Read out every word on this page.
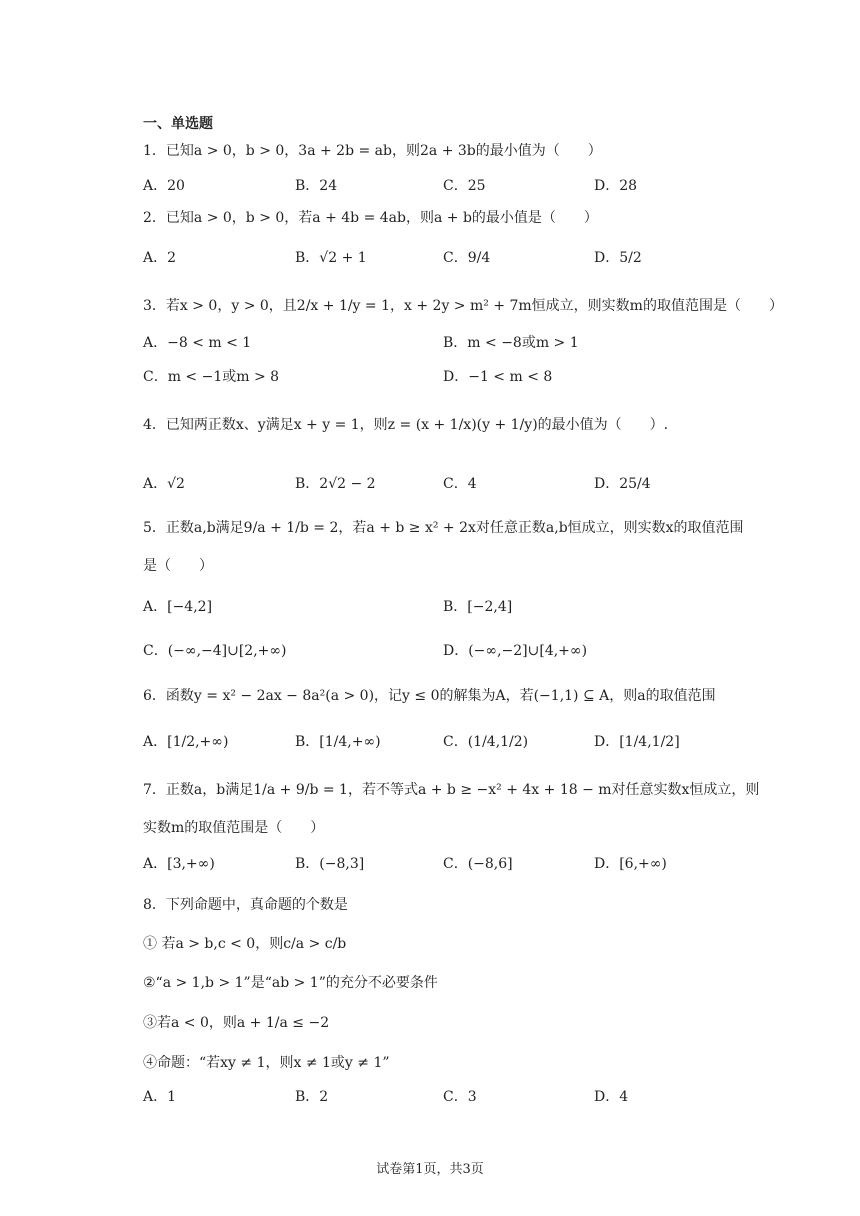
一、单选题
1．已知a > 0，b > 0，3a + 2b = ab，则2a + 3b的最小值为（　　）
A．20	B．24	C．25	D．28
2．已知a > 0，b > 0，若a + 4b = 4ab，则a + b的最小值是（　　）
A．2	B．√2 + 1	C．9/4	D．5/2
3．若x > 0，y > 0，且2/x + 1/y = 1，x + 2y > m² + 7m恒成立，则实数m的取值范围是（　　）
A．−8 < m < 1	B．m < −8或m > 1
C．m < −1或m > 8	D．−1 < m < 8
4．已知两正数x、y满足x + y = 1，则z = (x + 1/x)(y + 1/y)的最小值为（　　）.
A．√2	B．2√2 − 2	C．4	D．25/4
5．正数a,b满足9/a + 1/b = 2，若a + b ≥ x² + 2x对任意正数a,b恒成立，则实数x的取值范围
是（　　）
A．[−4,2]	B．[−2,4]
C．(−∞,−4]∪[2,+∞)	D．(−∞,−2]∪[4,+∞)
6．函数y = x² − 2ax − 8a²(a > 0)，记y ≤ 0的解集为A，若(−1,1) ⊆ A，则a的取值范围
A．[1/2,+∞)	B．[1/4,+∞)	C．(1/4,1/2)	D．[1/4,1/2]
7．正数a，b满足1/a + 9/b = 1，若不等式a + b ≥ −x² + 4x + 18 − m对任意实数x恒成立，则
实数m的取值范围是（　　）
A．[3,+∞)	B．(−8,3]	C．(−8,6]	D．[6,+∞)
8．下列命题中，真命题的个数是
① 若a > b,c < 0，则c/a > c/b
②“a > 1,b > 1”是“ab > 1”的充分不必要条件
③若a < 0，则a + 1/a ≤ −2
④命题：“若xy ≠ 1，则x ≠ 1或y ≠ 1”
A．1	B．2	C．3	D．4
试卷第1页，共3页
